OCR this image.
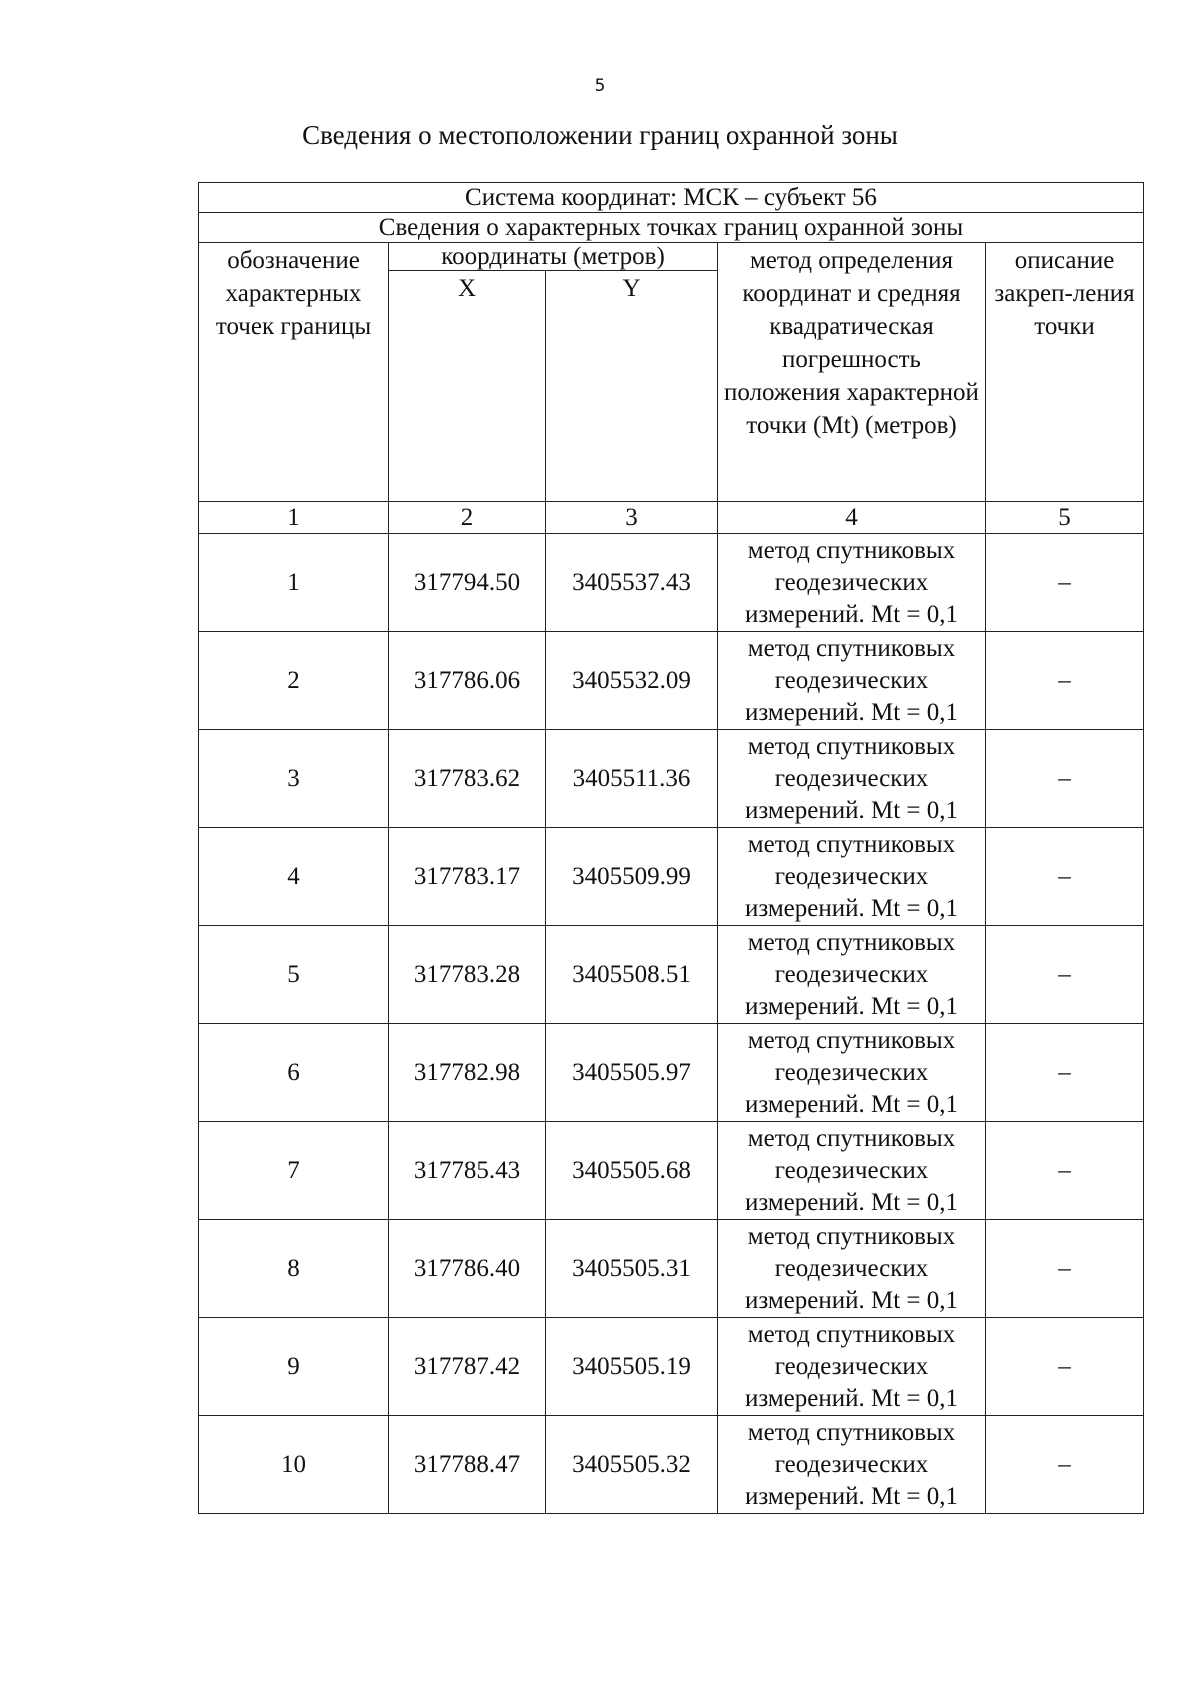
5
Сведения о местоположении границ охранной зоны
Система координат: МСК – субъект 56				
Сведения о характерных точках границ охранной зоны				
обозначение характерных точек границы	координаты (метров)		метод определения координат и средняя квадратическая погрешность положения характерной точки (Mt) (метров)	описание закреп-ления точки
	X	Y		
1	2	3	4	5
1	317794.50	3405537.43	метод спутниковых
геодезических
измерений. Mt = 0,1	–
2	317786.06	3405532.09	метод спутниковых
геодезических
измерений. Mt = 0,1	–
3	317783.62	3405511.36	метод спутниковых
геодезических
измерений. Mt = 0,1	–
4	317783.17	3405509.99	метод спутниковых
геодезических
измерений. Mt = 0,1	–
5	317783.28	3405508.51	метод спутниковых
геодезических
измерений. Mt = 0,1	–
6	317782.98	3405505.97	метод спутниковых
геодезических
измерений. Mt = 0,1	–
7	317785.43	3405505.68	метод спутниковых
геодезических
измерений. Mt = 0,1	–
8	317786.40	3405505.31	метод спутниковых
геодезических
измерений. Mt = 0,1	–
9	317787.42	3405505.19	метод спутниковых
геодезических
измерений. Mt = 0,1	–
10	317788.47	3405505.32	метод спутниковых
геодезических
измерений. Mt = 0,1	–
